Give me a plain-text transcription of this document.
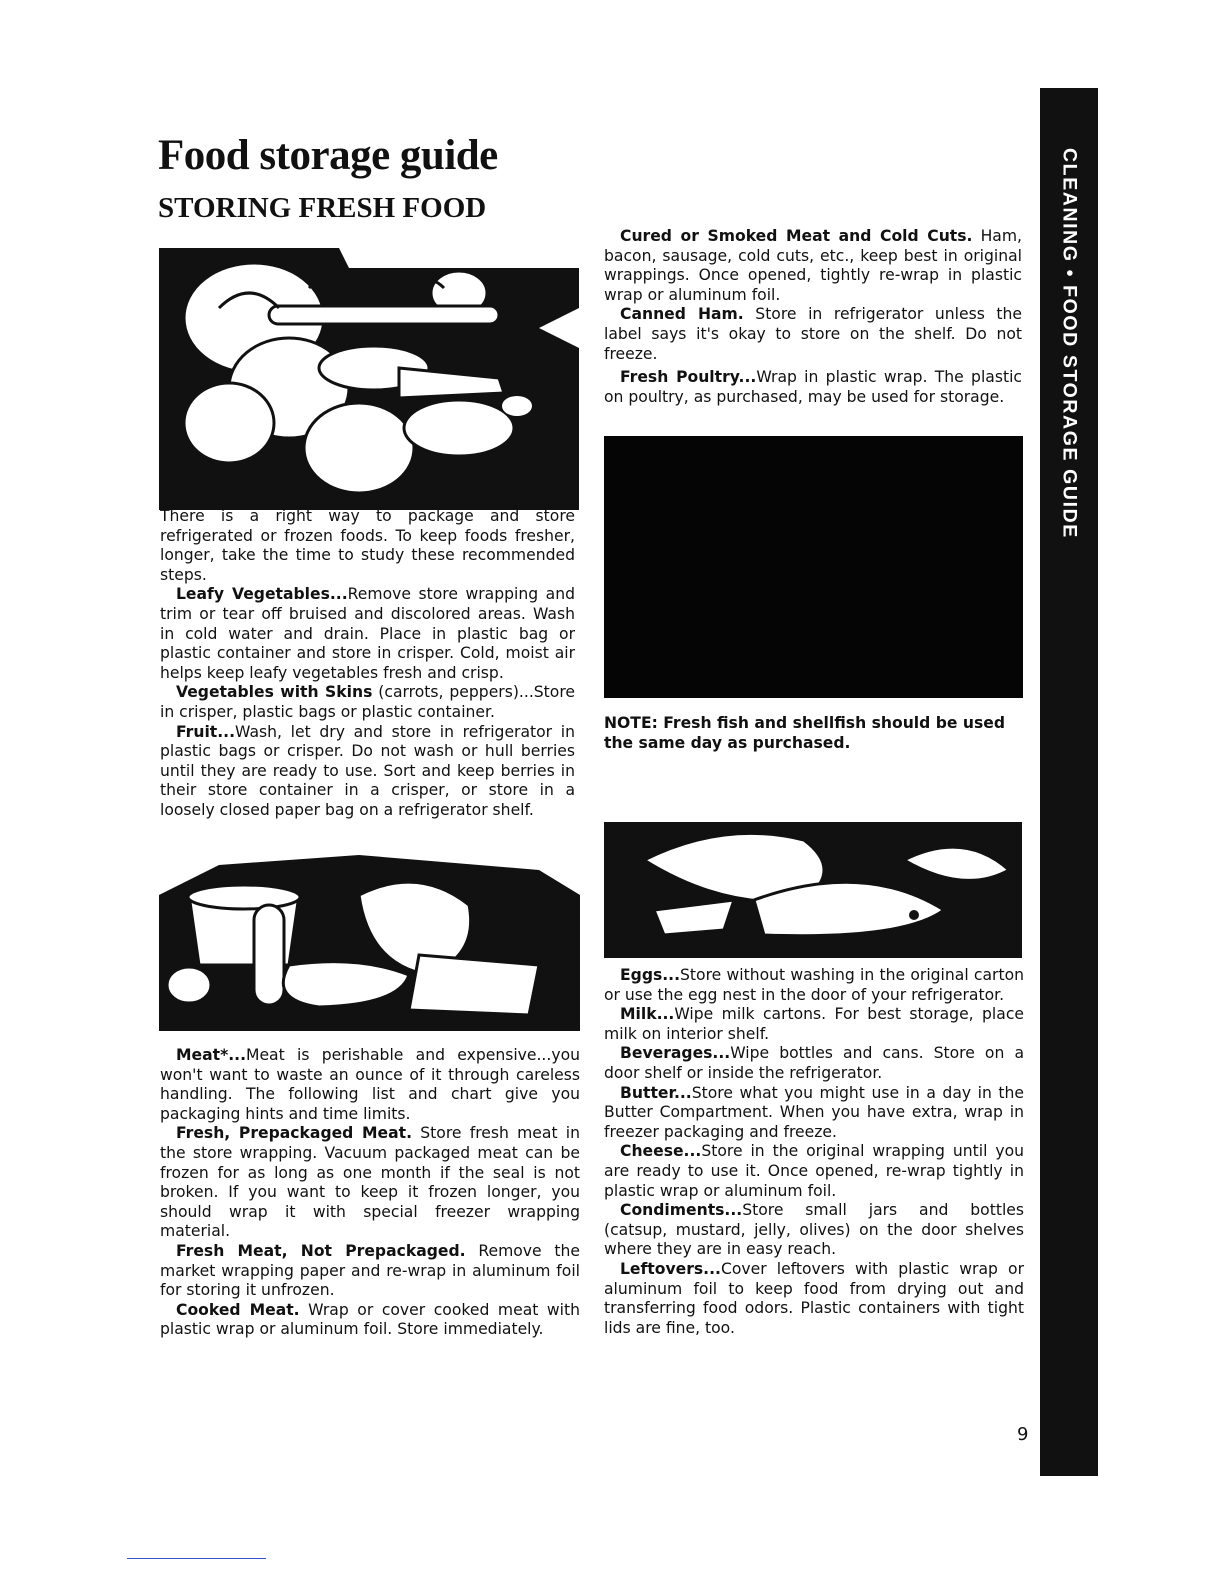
Food storage guide
STORING FRESH FOOD

There is a right way to package and store refrigerated or frozen foods. To keep foods fresher, longer, take the time to study these recommended steps.

Leafy Vegetables...Remove store wrapping and trim or tear off bruised and discolored areas. Wash in cold water and drain. Place in plastic bag or plastic container and store in crisper. Cold, moist air helps keep leafy vegetables fresh and crisp.

Vegetables with Skins (carrots, peppers)...Store in crisper, plastic bags or plastic container.

Fruit...Wash, let dry and store in refrigerator in plastic bags or crisper. Do not wash or hull berries until they are ready to use. Sort and keep berries in their store container in a crisper, or store in a loosely closed paper bag on a refrigerator shelf.

Meat*...Meat is perishable and expensive...you won't want to waste an ounce of it through careless handling. The following list and chart give you packaging hints and time limits.

Fresh, Prepackaged Meat. Store fresh meat in the store wrapping. Vacuum packaged meat can be frozen for as long as one month if the seal is not broken. If you want to keep it frozen longer, you should wrap it with special freezer wrapping material.

Fresh Meat, Not Prepackaged. Remove the market wrapping paper and re-wrap in aluminum foil for storing it unfrozen.

Cooked Meat. Wrap or cover cooked meat with plastic wrap or aluminum foil. Store immediately.

Cured or Smoked Meat and Cold Cuts. Ham, bacon, sausage, cold cuts, etc., keep best in original wrappings. Once opened, tightly re-wrap in plastic wrap or aluminum foil.

Canned Ham. Store in refrigerator unless the label says it's okay to store on the shelf. Do not freeze.

Fresh Poultry...Wrap in plastic wrap. The plastic on poultry, as purchased, may be used for storage.

NOTE: Fresh fish and shellfish should be used the same day as purchased.

Eggs...Store without washing in the original carton or use the egg nest in the door of your refrigerator.

Milk...Wipe milk cartons. For best storage, place milk on interior shelf.

Beverages...Wipe bottles and cans. Store on a door shelf or inside the refrigerator.

Butter...Store what you might use in a day in the Butter Compartment. When you have extra, wrap in freezer packaging and freeze.

Cheese...Store in the original wrapping until you are ready to use it. Once opened, re-wrap tightly in plastic wrap or aluminum foil.

Condiments...Store small jars and bottles (catsup, mustard, jelly, olives) on the door shelves where they are in easy reach.

Leftovers...Cover leftovers with plastic wrap or aluminum foil to keep food from drying out and transferring food odors. Plastic containers with tight lids are fine, too.

CLEANING • FOOD STORAGE GUIDE
9
